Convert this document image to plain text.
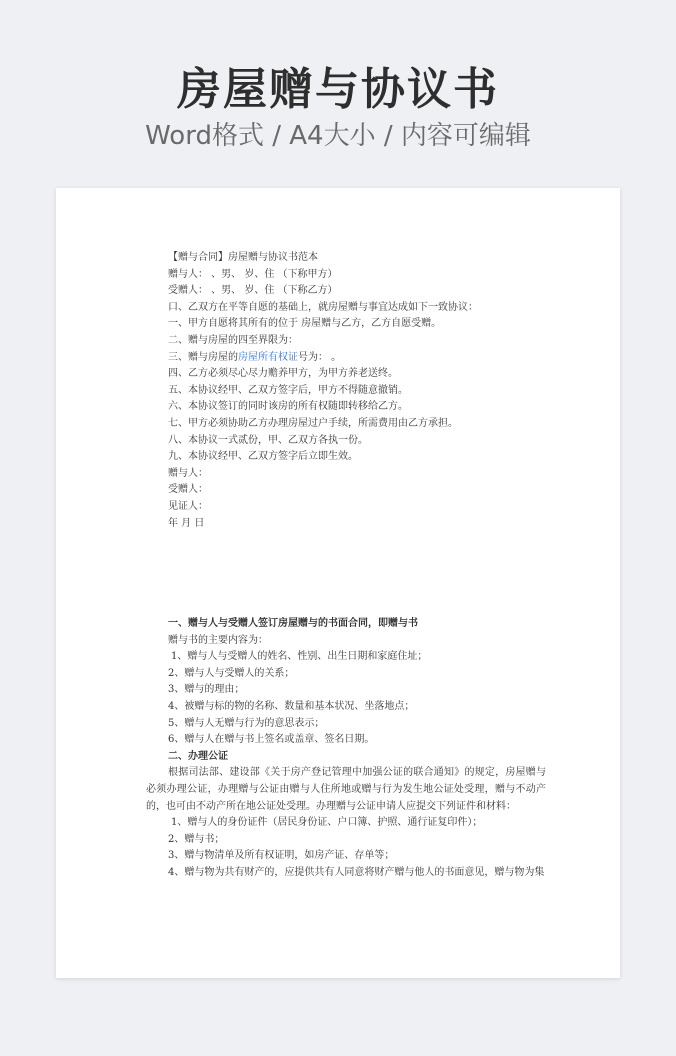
房屋赠与协议书
Word格式 / A4大小 / 内容可编辑
【赠与合同】房屋赠与协议书范本
赠与人： 、男、 岁、住 （下称甲方）
受赠人： 、男、 岁、住 （下称乙方）
口、乙双方在平等自愿的基础上，就房屋赠与事宜达成如下一致协议：
一、甲方自愿将其所有的位于 房屋赠与乙方，乙方自愿受赠。
二、赠与房屋的四至界限为：
三、赠与房屋的房屋所有权证号为： 。
四、乙方必须尽心尽力赡养甲方，为甲方养老送终。
五、本协议经甲、乙双方签字后，甲方不得随意撤销。
六、本协议签订的同时该房的所有权随即转移给乙方。
七、甲方必须协助乙方办理房屋过户手续，所需费用由乙方承担。
八、本协议一式贰份，甲、乙双方各执一份。
九、本协议经甲、乙双方签字后立即生效。
赠与人：
受赠人：
见证人：
年 月 日
一、赠与人与受赠人签订房屋赠与的书面合同，即赠与书
赠与书的主要内容为：
1、赠与人与受赠人的姓名、性别、出生日期和家庭住址；
2、赠与人与受赠人的关系；
3、赠与的理由；
4、被赠与标的物的名称、数量和基本状况、坐落地点；
5、赠与人无赠与行为的意思表示；
6、赠与人在赠与书上签名或盖章、签名日期。
二、办理公证
根据司法部、建设部《关于房产登记管理中加强公证的联合通知》的规定，房屋赠与必须办理公证，办理赠与公证由赠与人住所地或赠与行为发生地公证处受理，赠与不动产的，也可由不动产所在地公证处受理。办理赠与公证申请人应提交下列证件和材料：
1、赠与人的身份证件（居民身份证、户口簿、护照、通行证复印件）；
2、赠与书；
3、赠与物清单及所有权证明，如房产证、存单等；
4、赠与物为共有财产的，应提供共有人同意将财产赠与他人的书面意见，赠与物为集
